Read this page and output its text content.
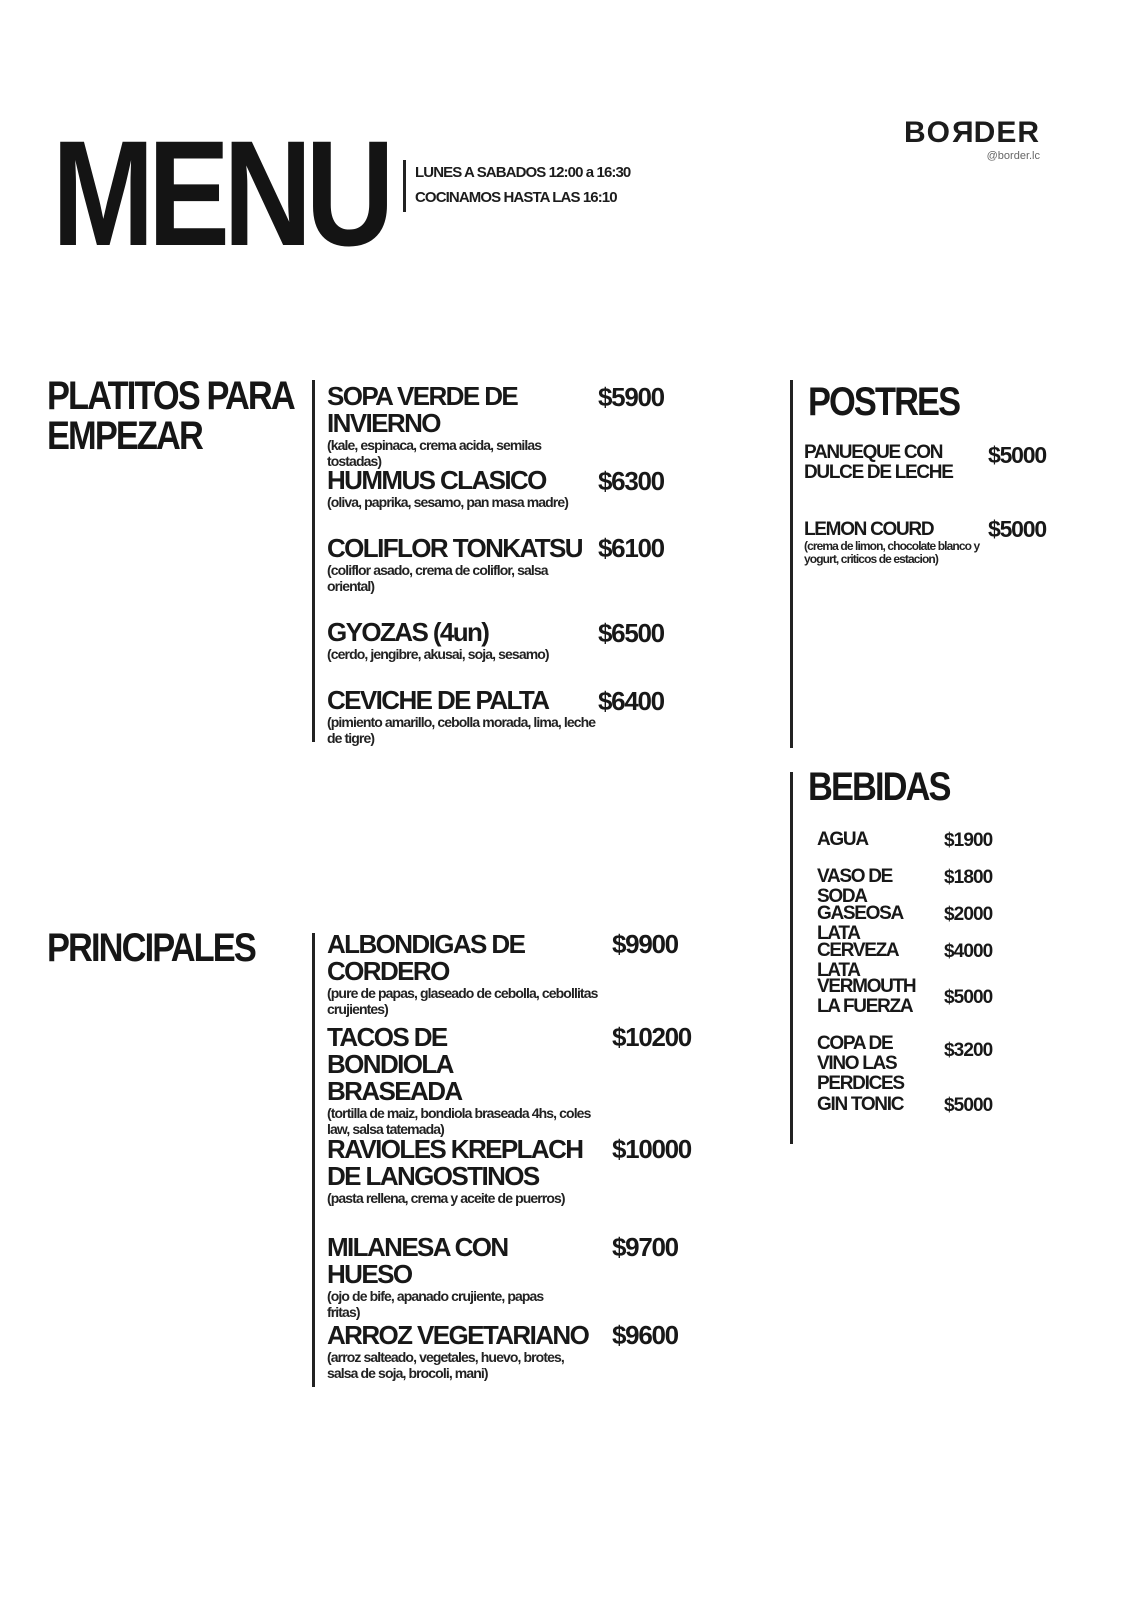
MENU LUNES A SABADOS 12:00 a 16:30
COCINAMOS HASTA LAS 16:10
BORDER
@border.lc
PLATITOS PARA
EMPEZAR
SOPA VERDE DE INVIERNO
(kale, espinaca, crema acida, semilas tostadas)
$5900
HUMMUS CLASICO
(oliva, paprika, sesamo, pan masa madre)
$6300
COLIFLOR TONKATSU
(coliflor asado, crema de coliflor, salsa oriental)
$6100
GYOZAS (4un)
(cerdo, jengibre, akusai, soja, sesamo)
$6500
CEVICHE DE PALTA
(pimiento amarillo, cebolla morada, lima, leche de tigre)
$6400
PRINCIPALES	ALBONDIGAS DE CORDERO
(pure de papas, glaseado de cebolla, cebollitas crujientes)
$9900
TACOS DE BONDIOLA BRASEADA
(tortilla de maiz, bondiola braseada 4hs, coles law, salsa tatemada)
$10200
RAVIOLES KREPLACH DE LANGOSTINOS
(pasta rellena, crema y aceite de puerros)
$10000
MILANESA CON HUESO
(ojo de bife, apanado crujiente, papas fritas)
$9700
ARROZ VEGETARIANO
(arroz salteado, vegetales, huevo, brotes, salsa de soja, brocoli, mani)
$9600
POSTRES
PANUEQUE CON DULCE DE LECHE
$5000
LEMON COURD
(crema de limon, chocolate blanco y yogurt, criticos de estacion)
$5000
BEBIDAS
AGUA	$1900
VASO DE SODA
$1800
GASEOSA LATA
$2000
CERVEZA LATA
$4000
VERMOUTH LA FUERZA $5000
COPA DE VINO LAS PERDICES
$3200
GIN TONIC	$5000
